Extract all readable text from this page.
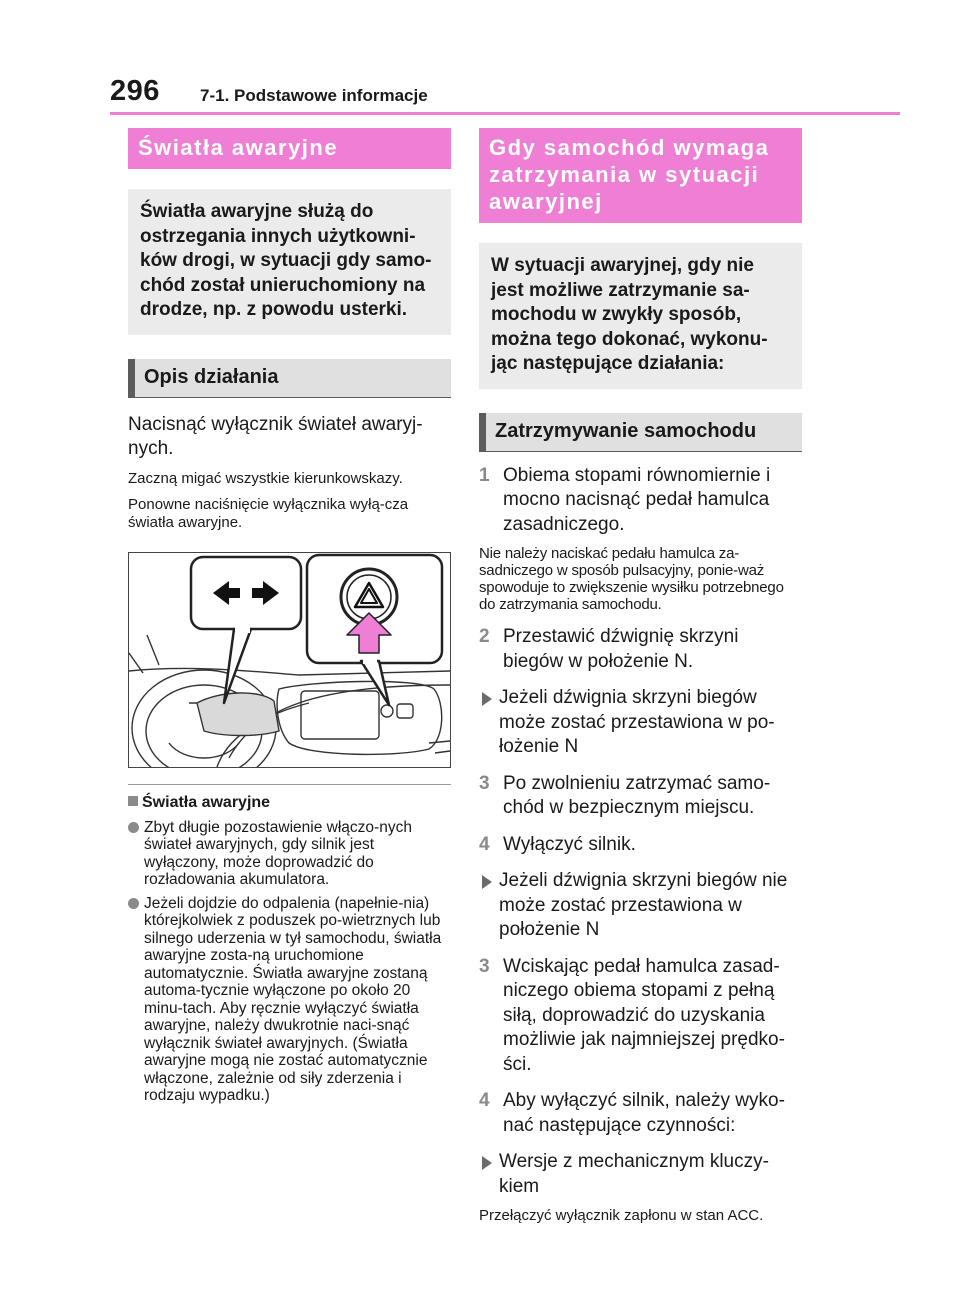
296 7-1. Podstawowe informacje
Światła awaryjne
Światła awaryjne służą do ostrzegania innych użytkowni-ków drogi, w sytuacji gdy samo-chód został unieruchomiony na drodze, np. z powodu usterki.
Opis działania
Nacisnąć wyłącznik świateł awaryj-nych.
Zaczną migać wszystkie kierunkowskazy.
Ponowne naciśnięcie wyłącznika wyłą-cza światła awaryjne.
Światła awaryjne
Zbyt długie pozostawienie włączo-nych świateł awaryjnych, gdy silnik jest wyłączony, może doprowadzić do rozładowania akumulatora.
Jeżeli dojdzie do odpalenia (napełnie-nia) którejkolwiek z poduszek po-wietrznych lub silnego uderzenia w tył samochodu, światła awaryjne zosta-ną uruchomione automatycznie. Światła awaryjne zostaną automa-tycznie wyłączone po około 20 minu-tach. Aby ręcznie wyłączyć światła awaryjne, należy dwukrotnie naci-snąć wyłącznik świateł awaryjnych. (Światła awaryjne mogą nie zostać automatycznie włączone, zależnie od siły zderzenia i rodzaju wypadku.)
Gdy samochód wymaga zatrzymania w sytuacji awaryjnej
W sytuacji awaryjnej, gdy nie jest możliwe zatrzymanie sa-mochodu w zwykły sposób, można tego dokonać, wykonu-jąc następujące działania:
Zatrzymywanie samochodu
1 Obiema stopami równomiernie i mocno nacisnąć pedał hamulca zasadniczego.
Nie należy naciskać pedału hamulca za-sadniczego w sposób pulsacyjny, ponie-waż spowoduje to zwiększenie wysiłku potrzebnego do zatrzymania samochodu.
2 Przestawić dźwignię skrzyni biegów w położenie N.
Jeżeli dźwignia skrzyni biegów może zostać przestawiona w po-łożenie N
3 Po zwolnieniu zatrzymać samo-chód w bezpiecznym miejscu.
4 Wyłączyć silnik.
Jeżeli dźwignia skrzyni biegów nie może zostać przestawiona w położenie N
3 Wciskając pedał hamulca zasad-niczego obiema stopami z pełną siłą, doprowadzić do uzyskania możliwie jak najmniejszej prędko-ści.
4 Aby wyłączyć silnik, należy wyko-nać następujące czynności:
Wersje z mechanicznym kluczy-kiem
Przełączyć wyłącznik zapłonu w stan ACC.
